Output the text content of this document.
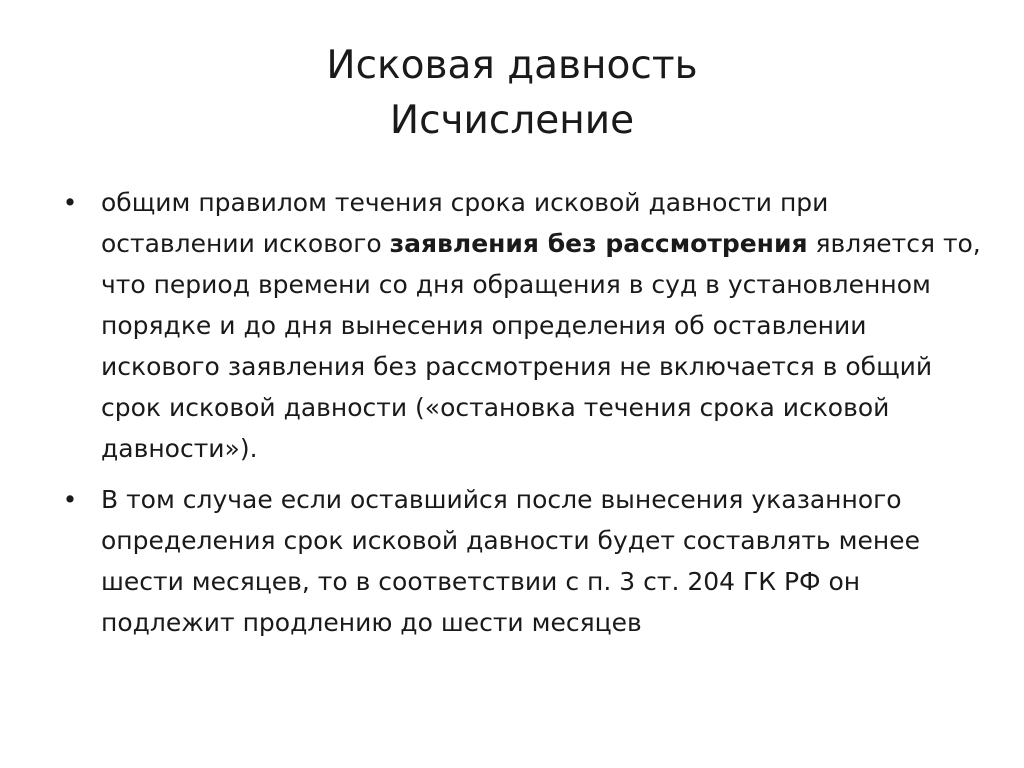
Исковая давность
Исчисление
• общим правилом течения срока исковой давности при оставлении искового заявления без рассмотрения является то, что период времени со дня обращения в суд в установленном порядке и до дня вынесения определения об оставлении искового заявления без рассмотрения не включается в общий срок исковой давности («остановка течения срока исковой давности»).
• В том случае если оставшийся после вынесения указанного определения срок исковой давности будет составлять менее шести месяцев, то в соответствии с п. 3 ст. 204 ГК РФ он подлежит продлению до шести месяцев
